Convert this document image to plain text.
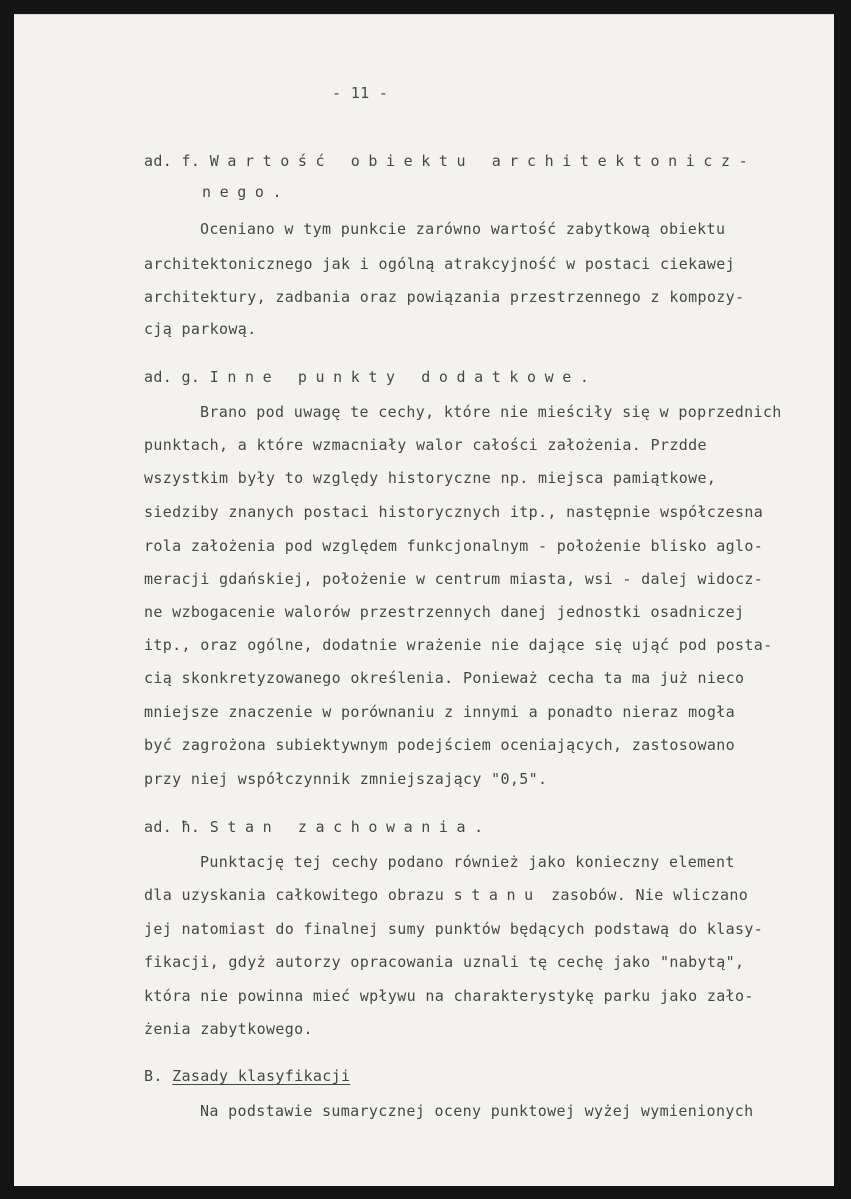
- 11 -
ad. f. Wartość obiektu architektonicz-
nego.
Oceniano w tym punkcie zarówno wartość zabytkową obiektu
architektonicznego jak i ogólną atrakcyjność w postaci ciekawej
architektury, zadbania oraz powiązania przestrzennego z kompozy-
cją parkową.
ad. g. Inne punkty dodatkowe.
Brano pod uwagę te cechy, które nie mieściły się w poprzednich
punktach, a które wzmacniały walor całości założenia. Przdde
wszystkim były to względy historyczne np. miejsca pamiątkowe,
siedziby znanych postaci historycznych itp., następnie współczesna
rola założenia pod względem funkcjonalnym - położenie blisko aglo-
meracji gdańskiej, położenie w centrum miasta, wsi - dalej widocz-
ne wzbogacenie walorów przestrzennych danej jednostki osadniczej
itp., oraz ogólne, dodatnie wrażenie nie dające się ująć pod posta-
cią skonkretyzowanego określenia. Ponieważ cecha ta ma już nieco
mniejsze znaczenie w porównaniu z innymi a ponadto nieraz mogła
być zagrożona subiektywnym podejściem oceniających, zastosowano
przy niej współczynnik zmniejszający "0,5".
ad. ħ. Stan zachowania.
Punktację tej cechy podano również jako konieczny element
dla uzyskania całkowitego obrazu stanu zasobów. Nie wliczano
jej natomiast do finalnej sumy punktów będących podstawą do klasy-
fikacji, gdyż autorzy opracowania uznali tę cechę jako "nabytą",
która nie powinna mieć wpływu na charakterystykę parku jako zało-
żenia zabytkowego.
B. Zasady klasyfikacji
Na podstawie sumarycznej oceny punktowej wyżej wymienionych
